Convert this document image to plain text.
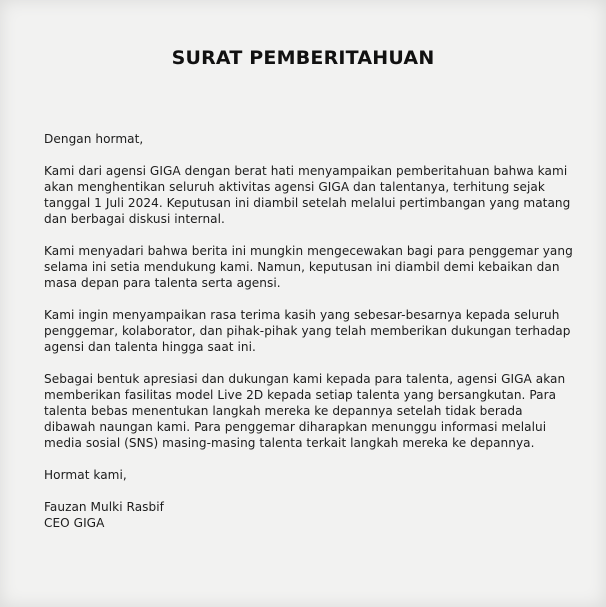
SURAT PEMBERITAHUAN

Dengan hormat,

Kami dari agensi GIGA dengan berat hati menyampaikan pemberitahuan bahwa kami akan menghentikan seluruh aktivitas agensi GIGA dan talentanya, terhitung sejak tanggal 1 Juli 2024. Keputusan ini diambil setelah melalui pertimbangan yang matang dan berbagai diskusi internal.

Kami menyadari bahwa berita ini mungkin mengecewakan bagi para penggemar yang selama ini setia mendukung kami. Namun, keputusan ini diambil demi kebaikan dan masa depan para talenta serta agensi.

Kami ingin menyampaikan rasa terima kasih yang sebesar-besarnya kepada seluruh penggemar, kolaborator, dan pihak-pihak yang telah memberikan dukungan terhadap agensi dan talenta hingga saat ini.

Sebagai bentuk apresiasi dan dukungan kami kepada para talenta, agensi GIGA akan memberikan fasilitas model Live 2D kepada setiap talenta yang bersangkutan. Para talenta bebas menentukan langkah mereka ke depannya setelah tidak berada dibawah naungan kami. Para penggemar diharapkan menunggu informasi melalui media sosial (SNS) masing-masing talenta terkait langkah mereka ke depannya.

Hormat kami,

Fauzan Mulki Rasbif

CEO GIGA
